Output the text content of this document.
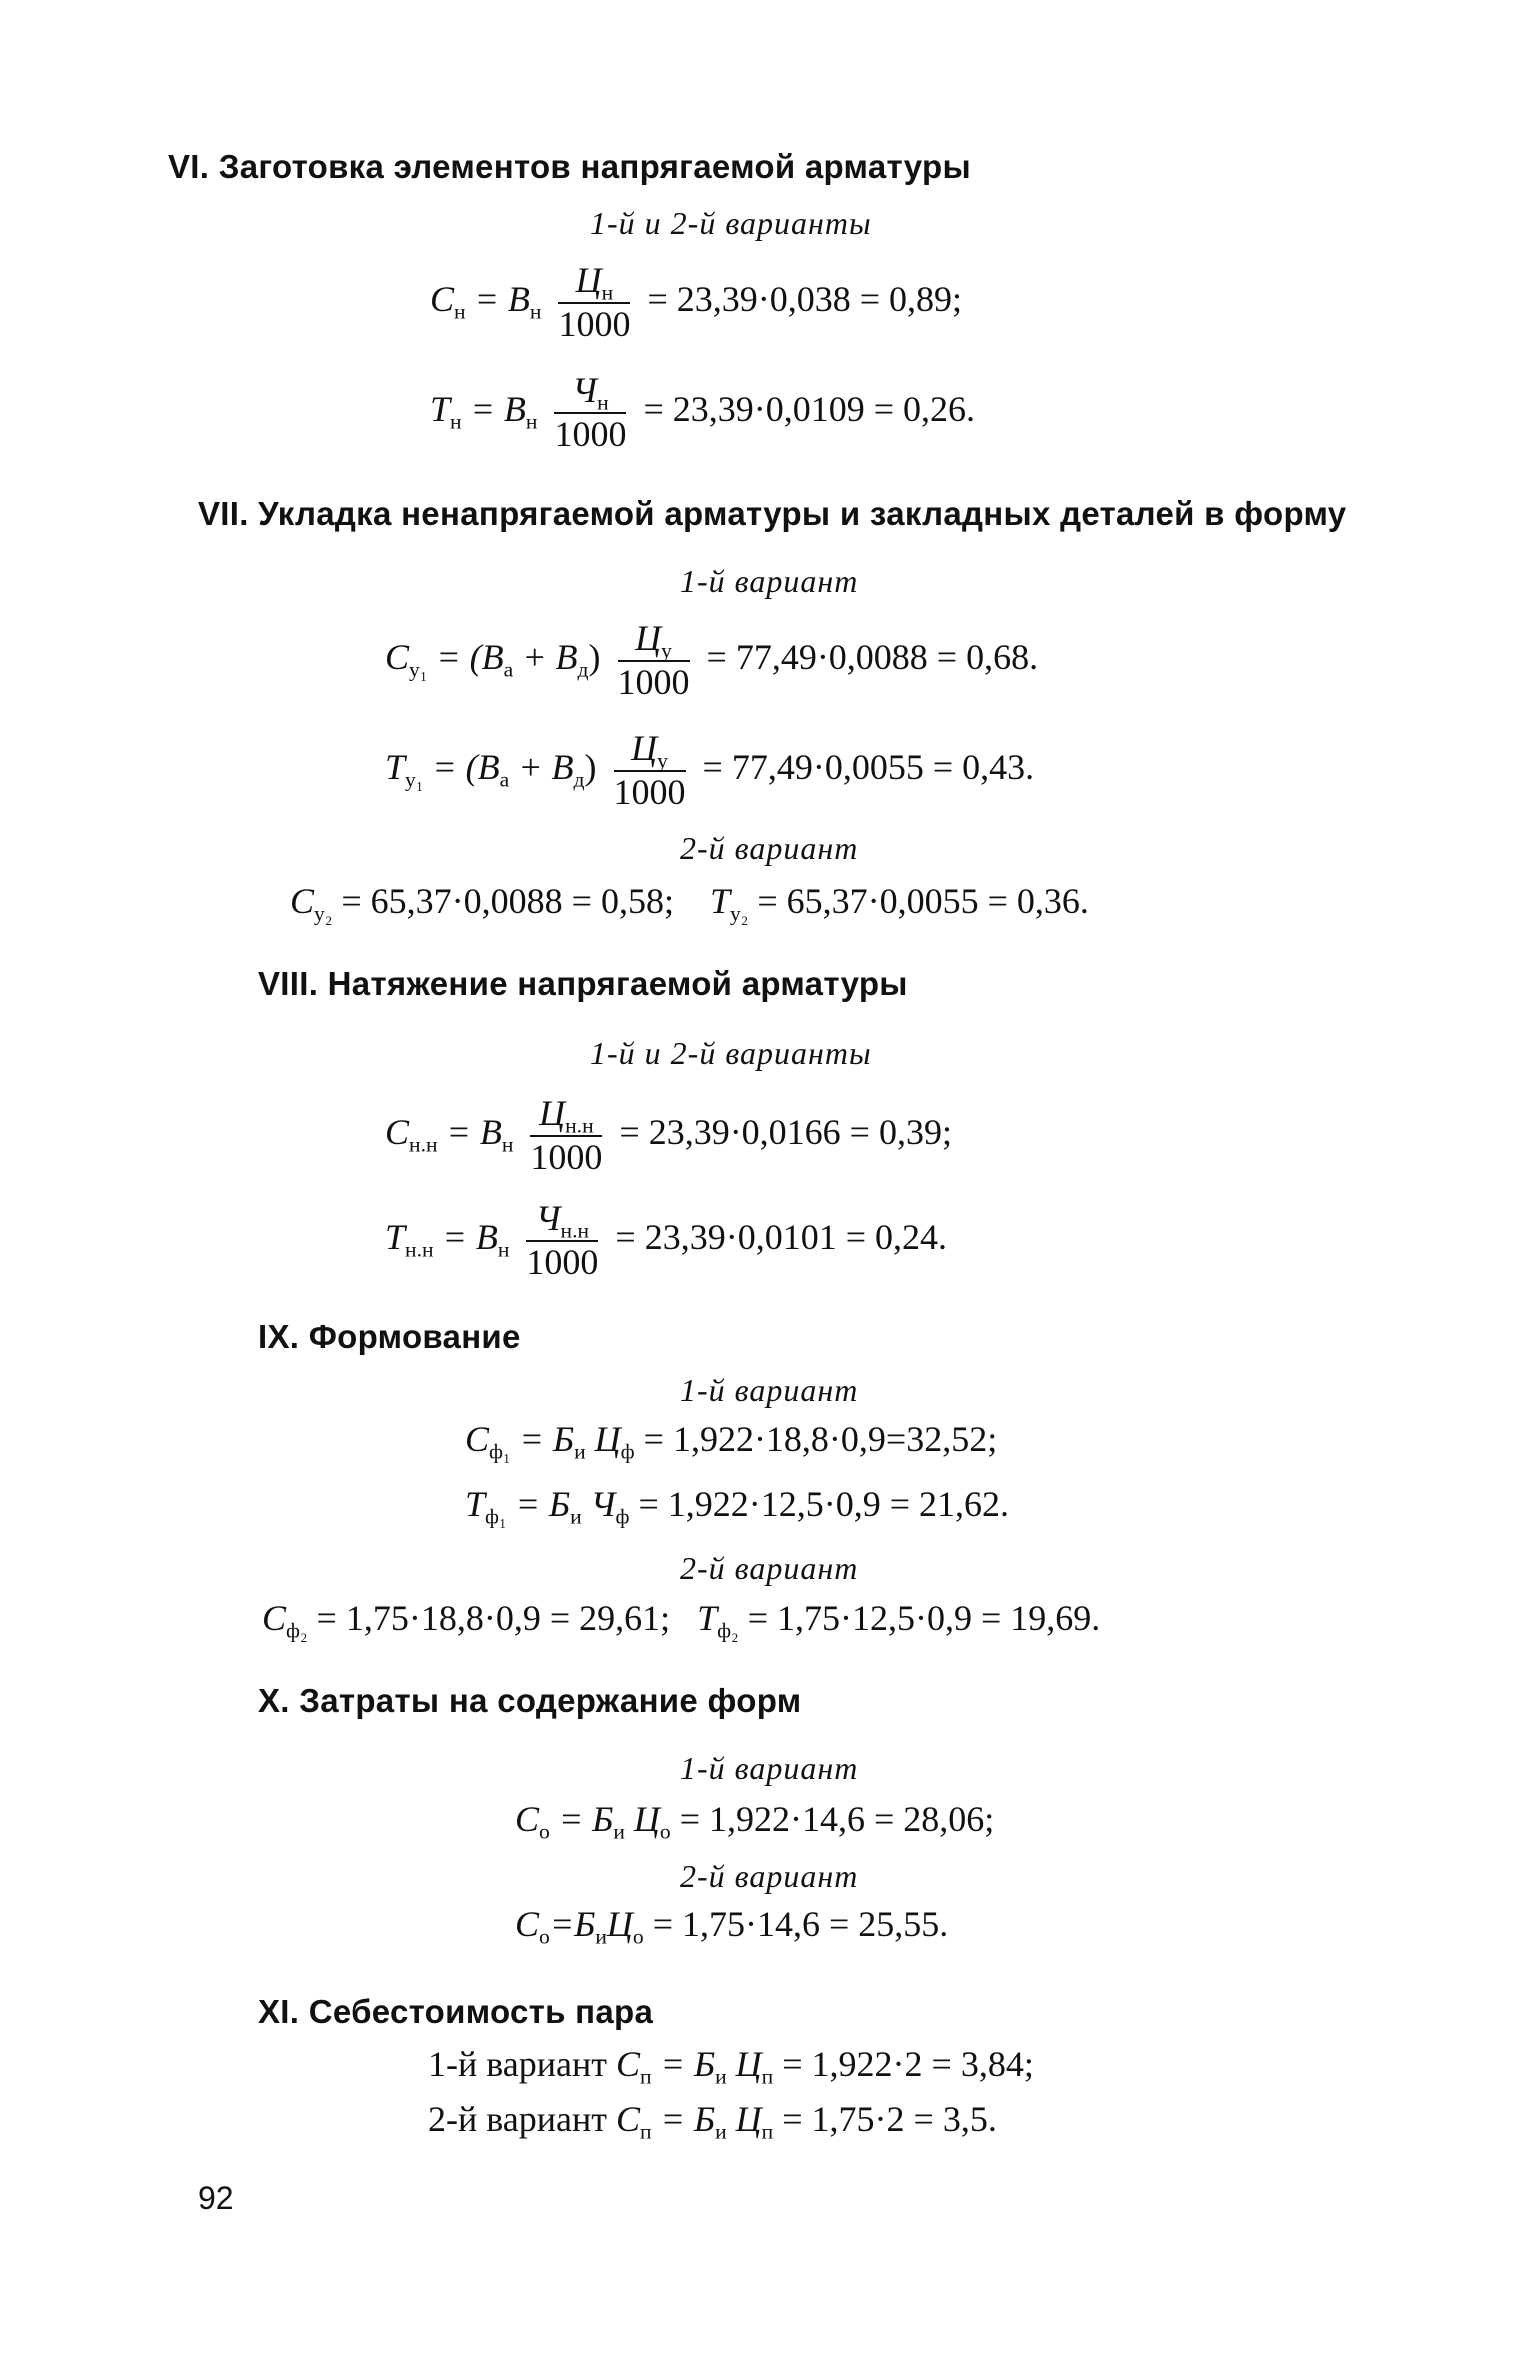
VI. Заготовка элементов напрягаемой арматуры
1-й и 2-й варианты
$С_н = В_н \frac{Ц_н}{1000} = 23,39\cdot 0,038 = 0,89$;
$Т_н = В_н \frac{Ч_н}{1000} = 23,39\cdot 0,0109 = 0,26$.
VII. Укладка ненапрягаемой арматуры и закладных деталей в форму
1-й вариант
$С_{у_1} = (В_а + В_д) \frac{Ц_у}{1000} = 77,49\cdot 0,0088 = 0,68$.
$Т_{у_1} = (В_а + В_д) \frac{Ц_у}{1000} = 77,49\cdot 0,0055 = 0,43$.
2-й вариант
$С_{у_2} = 65,37\cdot 0,0088 = 0,58$; $Т_{у_2} = 65,37\cdot 0,0055 = 0,36$.
VIII. Натяжение напрягаемой арматуры
1-й и 2-й варианты
$С_{н.н} = В_н \frac{Ц_{н.н}}{1000} = 23,39\cdot 0,0166 = 0,39$;
$Т_{н.н} = В_н \frac{Ч_{н.н}}{1000} = 23,39\cdot 0,0101 = 0,24$.
IX. Формование
1-й вариант
$С_{ф_1} = Б_и$ $Ц_ф = 1,922\cdot 18,8\cdot 0,9=32,52$;
$Т_{ф_1} = Б_и$ $Ч_ф = 1,922\cdot 12,5\cdot 0,9 = 21,62$.
2-й вариант
$С_{ф_2} = 1,75\cdot 18,8\cdot 0,9 = 29,61$; $Т_{ф_2} = 1,75\cdot 12,5\cdot 0,9 = 19,69$.
X. Затраты на содержание форм
1-й вариант
$С_о = Б_и$ $Ц_о = 1,922\cdot 14,6 = 28,06$;
2-й вариант
$С_о=Б_иЦ_о = 1,75\cdot 14,6 = 25,55$.
XI. Себестоимость пара
1-й вариант $С_п = Б_и$ $Ц_п = 1,922\cdot 2 = 3,84$;
2-й вариант $С_п = Б_и$ $Ц_п = 1,75\cdot 2 = 3,5$.
92
